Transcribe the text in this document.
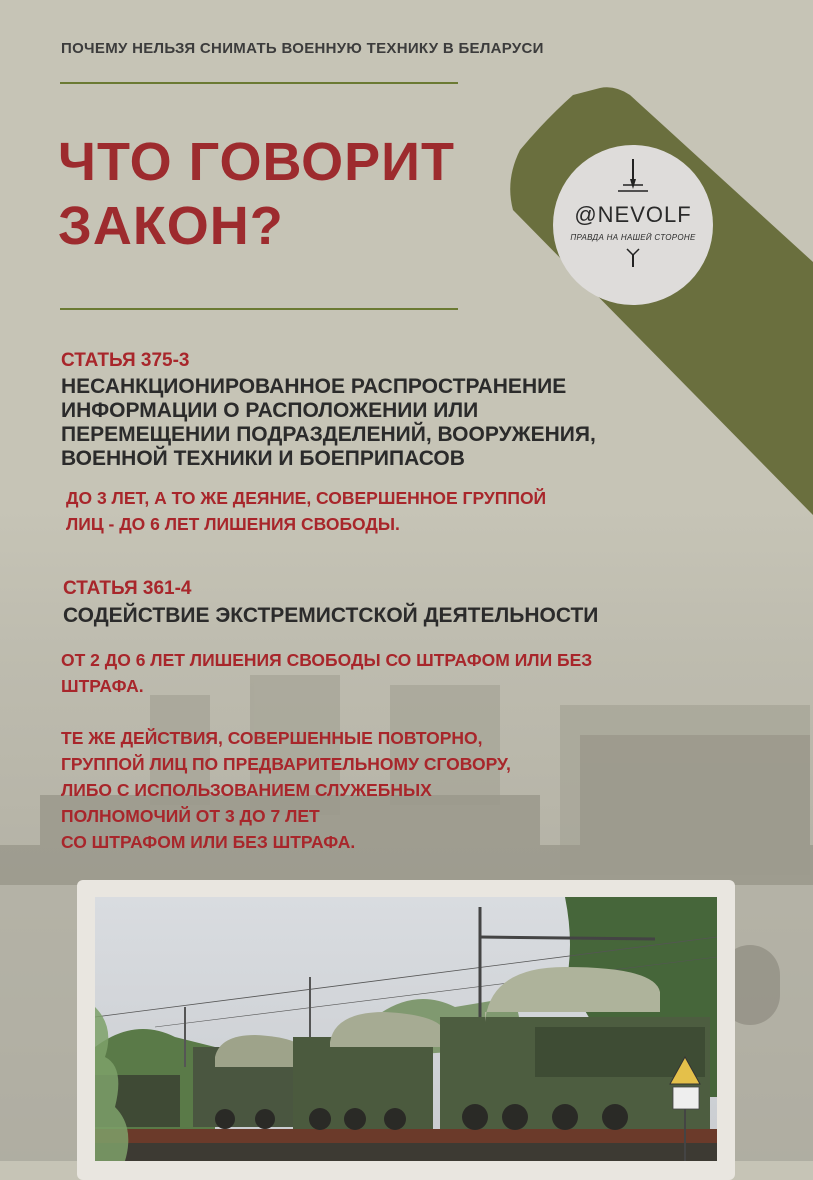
ПОЧЕМУ НЕЛЬЗЯ СНИМАТЬ ВОЕННУЮ ТЕХНИКУ В БЕЛАРУСИ
ЧТО ГОВОРИТ
ЗАКОН?	@NEVOLF
ПРАВДА НА НАШЕЙ СТОРОНЕ
СТАТЬЯ 375-3
НЕСАНКЦИОНИРОВАННОЕ РАСПРОСТРАНЕНИЕ
ИНФОРМАЦИИ О РАСПОЛОЖЕНИИ ИЛИ
ПЕРЕМЕЩЕНИИ ПОДРАЗДЕЛЕНИЙ, ВООРУЖЕНИЯ,
ВОЕННОЙ ТЕХНИКИ И БОЕПРИПАСОВ
ДО 3 ЛЕТ, А ТО ЖЕ ДЕЯНИЕ, СОВЕРШЕННОЕ ГРУППОЙ
ЛИЦ - ДО 6 ЛЕТ ЛИШЕНИЯ СВОБОДЫ.
СТАТЬЯ 361-4
СОДЕЙСТВИЕ ЭКСТРЕМИСТСКОЙ ДЕЯТЕЛЬНОСТИ
ОТ 2 ДО 6 ЛЕТ ЛИШЕНИЯ СВОБОДЫ СО ШТРАФОМ ИЛИ БЕЗ
ШТРАФА.
ТЕ ЖЕ ДЕЙСТВИЯ, СОВЕРШЕННЫЕ ПОВТОРНО,
ГРУППОЙ ЛИЦ ПО ПРЕДВАРИТЕЛЬНОМУ СГОВОРУ,
ЛИБО С ИСПОЛЬЗОВАНИЕМ СЛУЖЕБНЫХ
ПОЛНОМОЧИЙ ОТ 3 ДО 7 ЛЕТ
СО ШТРАФОМ ИЛИ БЕЗ ШТРАФА.
